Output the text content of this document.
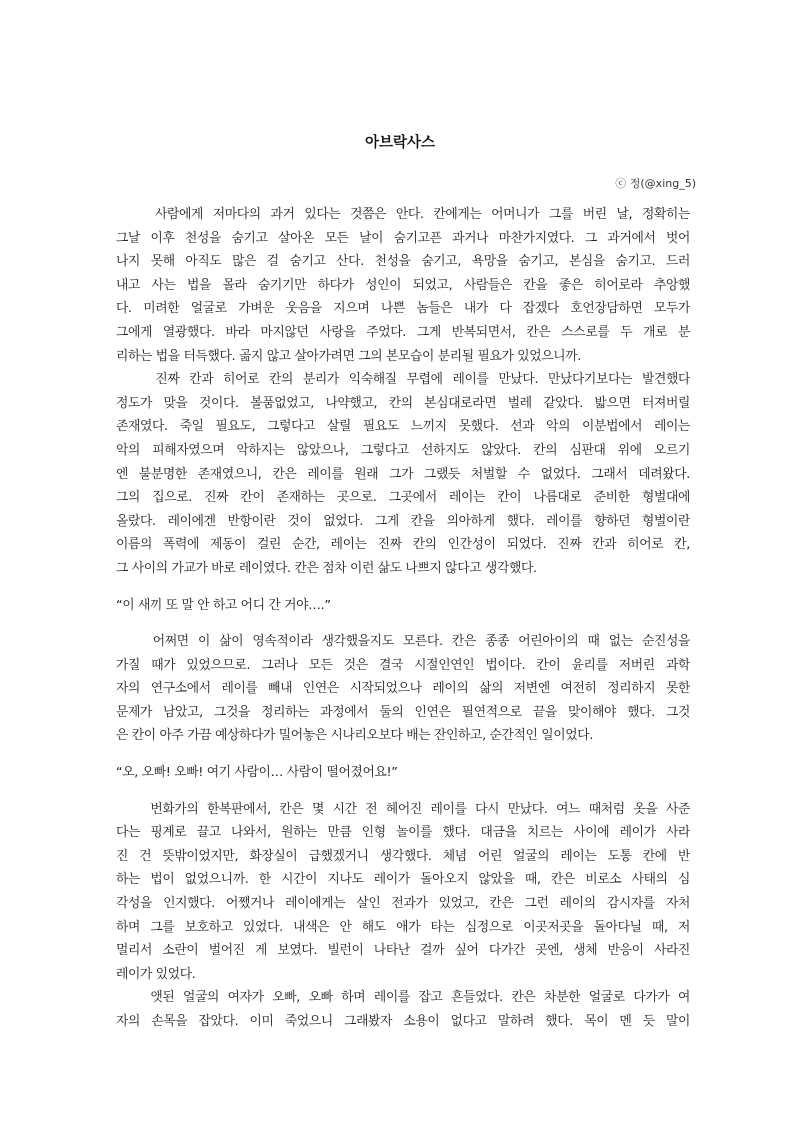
아브락사스
ⓒ 정(@xing_5)
사람에게 저마다의 과거 있다는 것쯤은 안다. 칸에게는 어머니가 그를 버린 날, 정확히는
그날 이후 천성을 숨기고 살아온 모든 날이 숨기고픈 과거나 마찬가지였다. 그 과거에서 벗어
나지 못해 아직도 많은 걸 숨기고 산다. 천성을 숨기고, 욕망을 숨기고, 본심을 숨기고. 드러
내고 사는 법을 몰라 숨기기만 하다가 성인이 되었고, 사람들은 칸을 좋은 히어로라 추앙했
다. 미려한 얼굴로 가벼운 웃음을 지으며 나쁜 놈들은 내가 다 잡겠다 호언장담하면 모두가
그에게 열광했다. 바라 마지않던 사랑을 주었다. 그게 반복되면서, 칸은 스스로를 두 개로 분
리하는 법을 터득했다. 곪지 않고 살아가려면 그의 본모습이 분리될 필요가 있었으니까.
진짜 칸과 히어로 칸의 분리가 익숙해질 무렵에 레이를 만났다. 만났다기보다는 발견했다
정도가 맞을 것이다. 볼품없었고, 나약했고, 칸의 본심대로라면 벌레 같았다. 밟으면 터져버릴
존재였다. 죽일 필요도, 그렇다고 살릴 필요도 느끼지 못했다. 선과 악의 이분법에서 레이는
악의 피해자였으며 악하지는 않았으나, 그렇다고 선하지도 않았다. 칸의 심판대 위에 오르기
엔 불분명한 존재였으니, 칸은 레이를 원래 그가 그랬듯 처벌할 수 없었다. 그래서 데려왔다.
그의 집으로. 진짜 칸이 존재하는 곳으로. 그곳에서 레이는 칸이 나름대로 준비한 형벌대에
올랐다. 레이에겐 반항이란 것이 없었다. 그게 칸을 의아하게 했다. 레이를 향하던 형벌이란
이름의 폭력에 제동이 걸린 순간, 레이는 진짜 칸의 인간성이 되었다. 진짜 칸과 히어로 칸,
그 사이의 가교가 바로 레이였다. 칸은 점차 이런 삶도 나쁘지 않다고 생각했다.
“이 새끼 또 말 안 하고 어디 간 거야….”
어쩌면 이 삶이 영속적이라 생각했을지도 모른다. 칸은 종종 어린아이의 때 없는 순진성을
가질 때가 있었으므로. 그러나 모든 것은 결국 시절인연인 법이다. 칸이 윤리를 저버린 과학
자의 연구소에서 레이를 빼내 인연은 시작되었으나 레이의 삶의 저변엔 여전히 정리하지 못한
문제가 남았고, 그것을 정리하는 과정에서 둘의 인연은 필연적으로 끝을 맞이해야 했다. 그것
은 칸이 아주 가끔 예상하다가 밀어놓은 시나리오보다 배는 잔인하고, 순간적인 일이었다.
“오, 오빠! 오빠! 여기 사람이… 사람이 떨어졌어요!”
번화가의 한복판에서, 칸은 몇 시간 전 헤어진 레이를 다시 만났다. 여느 때처럼 옷을 사준
다는 핑계로 끌고 나와서, 원하는 만큼 인형 놀이를 했다. 대금을 치르는 사이에 레이가 사라
진 건 뜻밖이었지만, 화장실이 급했겠거니 생각했다. 체념 어린 얼굴의 레이는 도통 칸에 반
하는 법이 없었으니까. 한 시간이 지나도 레이가 돌아오지 않았을 때, 칸은 비로소 사태의 심
각성을 인지했다. 어쨌거나 레이에게는 살인 전과가 있었고, 칸은 그런 레이의 감시자를 자처
하며 그를 보호하고 있었다. 내색은 안 해도 애가 타는 심정으로 이곳저곳을 돌아다닐 때, 저
멀리서 소란이 벌어진 게 보였다. 빌런이 나타난 걸까 싶어 다가간 곳엔, 생체 반응이 사라진
레이가 있었다.
앳된 얼굴의 여자가 오빠, 오빠 하며 레이를 잡고 흔들었다. 칸은 차분한 얼굴로 다가가 여
자의 손목을 잡았다. 이미 죽었으니 그래봤자 소용이 없다고 말하려 했다. 목이 멘 듯 말이
